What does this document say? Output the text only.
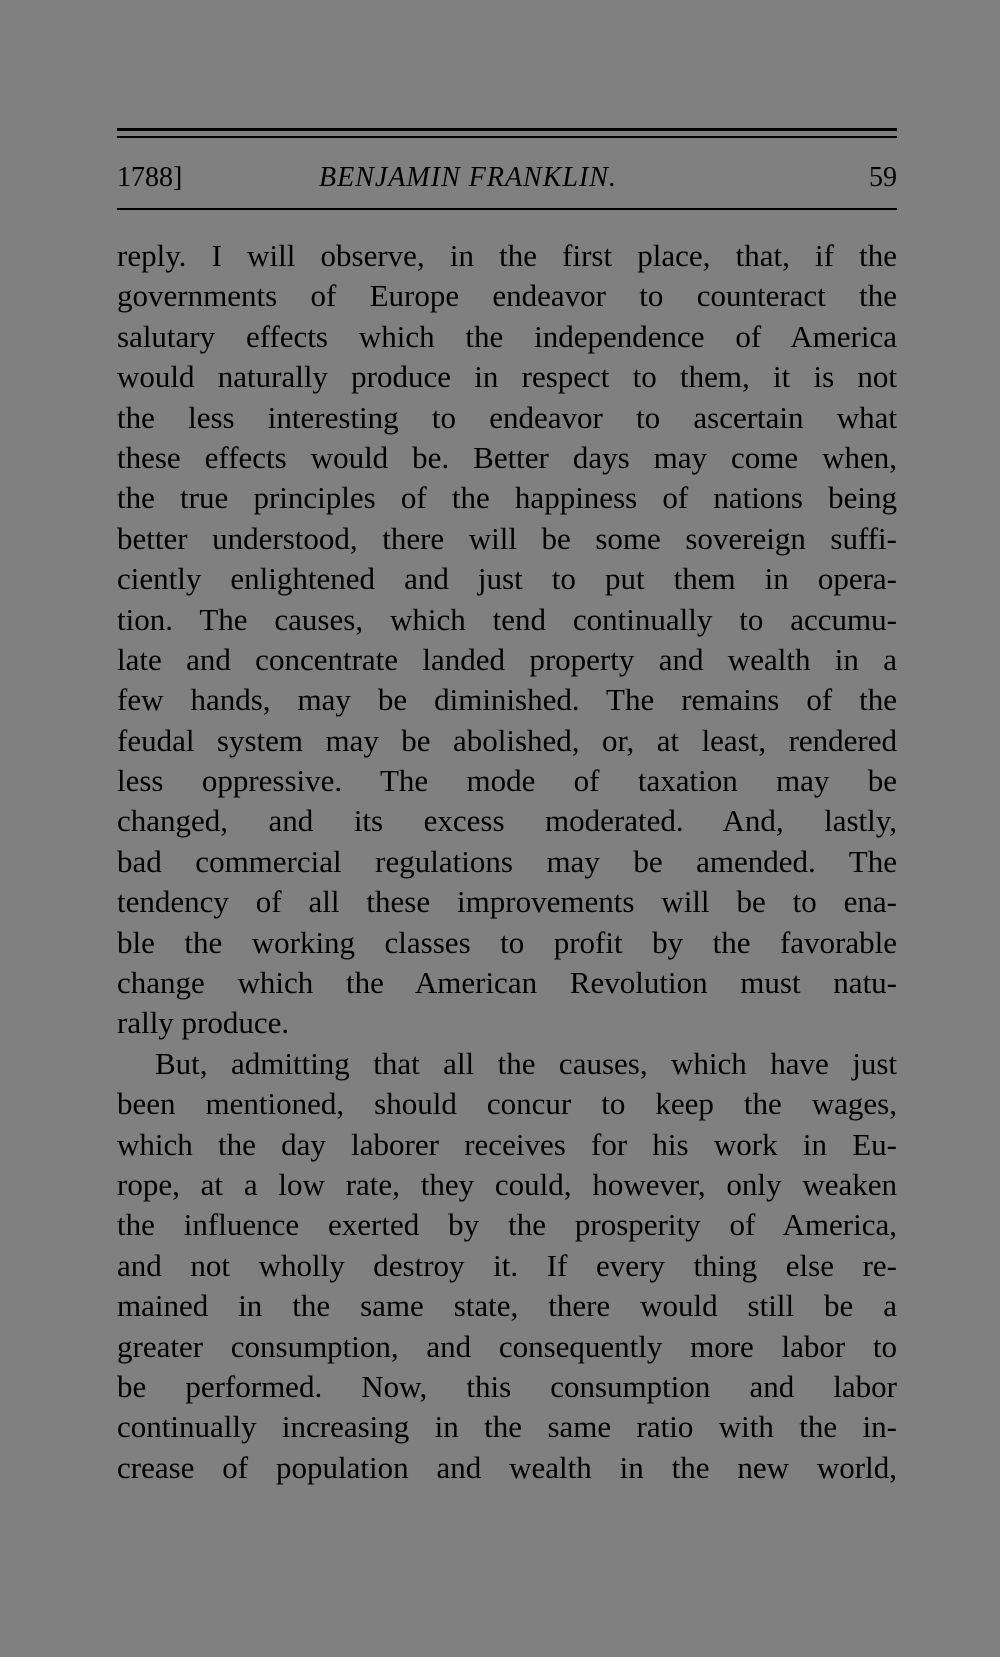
1788]	BENJAMIN FRANKLIN.	59
reply. I will observe, in the first place, that, if the
governments of Europe endeavor to counteract the
salutary effects which the independence of America
would naturally produce in respect to them, it is not
the less interesting to endeavor to ascertain what
these effects would be. Better days may come when,
the true principles of the happiness of nations being
better understood, there will be some sovereign suffi-
ciently enlightened and just to put them in opera-
tion. The causes, which tend continually to accumu-
late and concentrate landed property and wealth in a
few hands, may be diminished. The remains of the
feudal system may be abolished, or, at least, rendered
less oppressive. The mode of taxation may be
changed, and its excess moderated. And, lastly,
bad commercial regulations may be amended. The
tendency of all these improvements will be to ena-
ble the working classes to profit by the favorable
change which the American Revolution must natu-
rally produce.
But, admitting that all the causes, which have just
been mentioned, should concur to keep the wages,
which the day laborer receives for his work in Eu-
rope, at a low rate, they could, however, only weaken
the influence exerted by the prosperity of America,
and not wholly destroy it. If every thing else re-
mained in the same state, there would still be a
greater consumption, and consequently more labor to
be performed. Now, this consumption and labor
continually increasing in the same ratio with the in-
crease of population and wealth in the new world,
